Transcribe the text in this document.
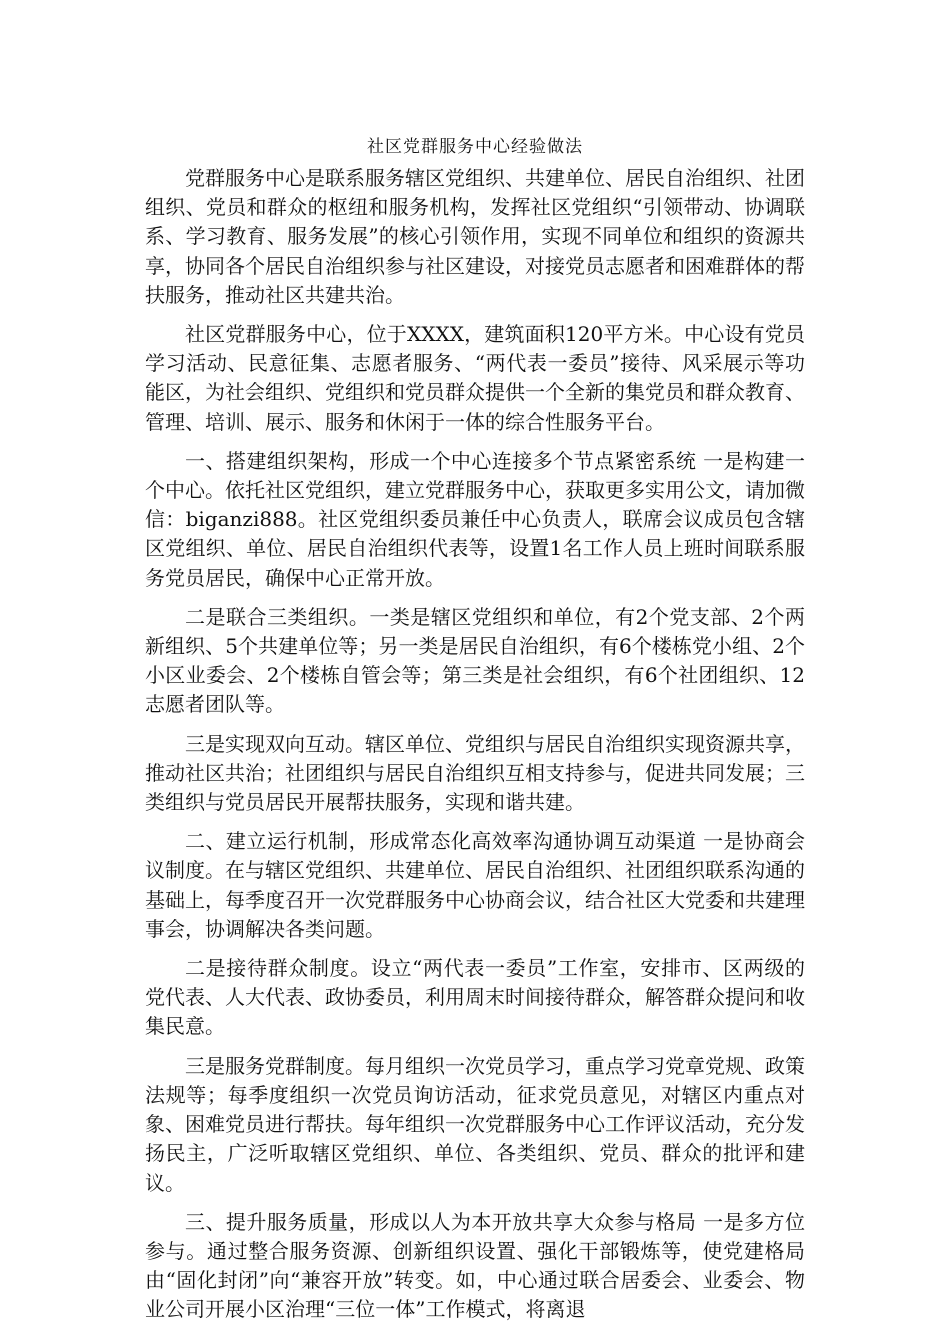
社区党群服务中心经验做法

党群服务中心是联系服务辖区党组织、共建单位、居民自治组织、社团组织、党员和群众的枢纽和服务机构，发挥社区党组织“引领带动、协调联系、学习教育、服务发展”的核心引领作用，实现不同单位和组织的资源共享，协同各个居民自治组织参与社区建设，对接党员志愿者和困难群体的帮扶服务，推动社区共建共治。

社区党群服务中心，位于XXXX，建筑面积120平方米。中心设有党员学习活动、民意征集、志愿者服务、“两代表一委员”接待、风采展示等功能区，为社会组织、党组织和党员群众提供一个全新的集党员和群众教育、管理、培训、展示、服务和休闲于一体的综合性服务平台。

一、搭建组织架构，形成一个中心连接多个节点紧密系统 一是构建一个中心。依托社区党组织，建立党群服务中心，获取更多实用公文，请加微信：biganzi888。社区党组织委员兼任中心负责人，联席会议成员包含辖区党组织、单位、居民自治组织代表等，设置1名工作人员上班时间联系服务党员居民，确保中心正常开放。

二是联合三类组织。一类是辖区党组织和单位，有2个党支部、2个两新组织、5个共建单位等；另一类是居民自治组织，有6个楼栋党小组、2个小区业委会、2个楼栋自管会等；第三类是社会组织，有6个社团组织、12志愿者团队等。

三是实现双向互动。辖区单位、党组织与居民自治组织实现资源共享，推动社区共治；社团组织与居民自治组织互相支持参与，促进共同发展；三类组织与党员居民开展帮扶服务，实现和谐共建。

二、建立运行机制，形成常态化高效率沟通协调互动渠道 一是协商会议制度。在与辖区党组织、共建单位、居民自治组织、社团组织联系沟通的基础上，每季度召开一次党群服务中心协商会议，结合社区大党委和共建理事会，协调解决各类问题。

二是接待群众制度。设立“两代表一委员”工作室，安排市、区两级的党代表、人大代表、政协委员，利用周末时间接待群众，解答群众提问和收集民意。

三是服务党群制度。每月组织一次党员学习，重点学习党章党规、政策法规等；每季度组织一次党员询访活动，征求党员意见，对辖区内重点对象、困难党员进行帮扶。每年组织一次党群服务中心工作评议活动，充分发扬民主，广泛听取辖区党组织、单位、各类组织、党员、群众的批评和建议。

三、提升服务质量，形成以人为本开放共享大众参与格局 一是多方位参与。通过整合服务资源、创新组织设置、强化干部锻炼等，使党建格局由“固化封闭”向“兼容开放”转变。如，中心通过联合居委会、业委会、物业公司开展小区治理“三位一体”工作模式，将离退
